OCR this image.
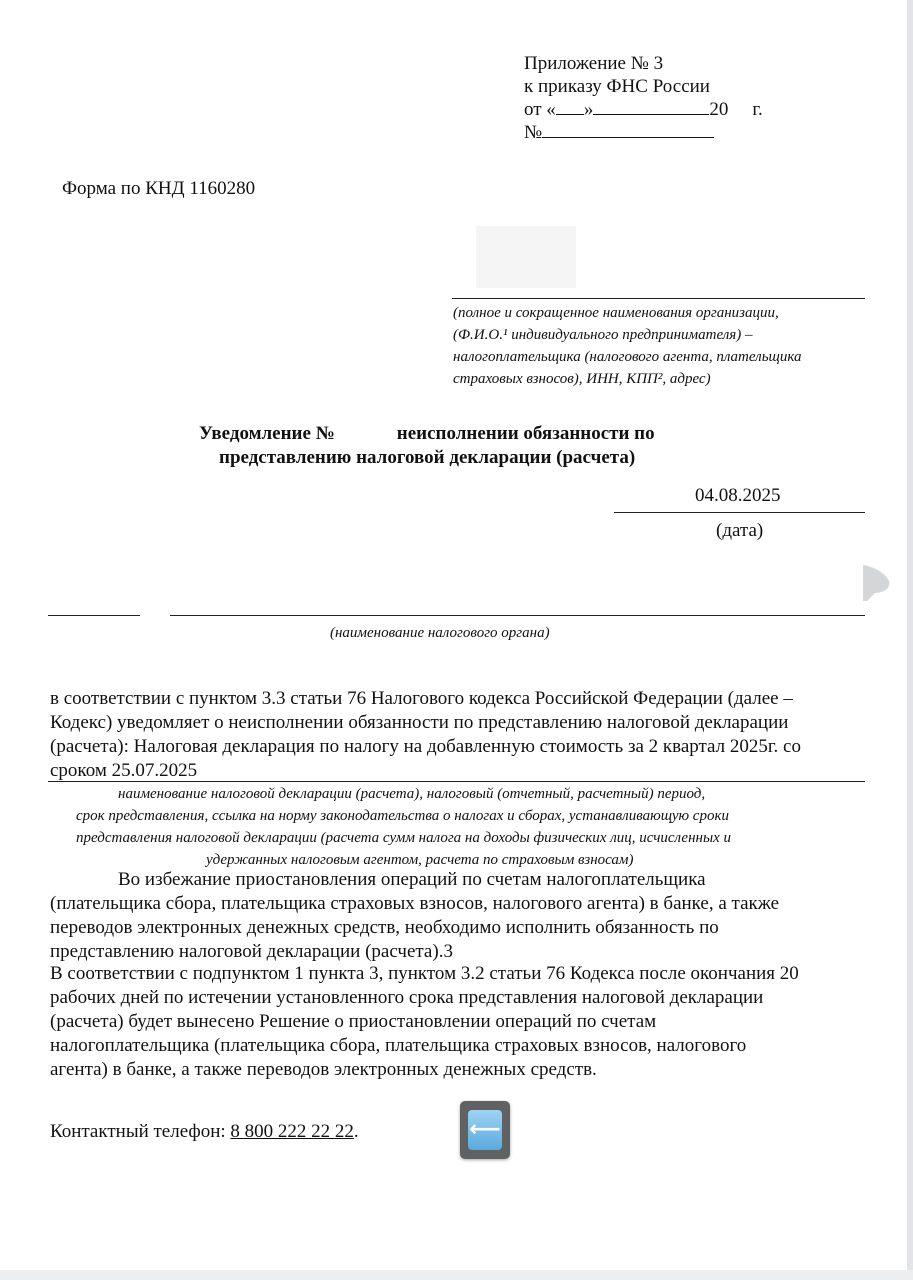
Приложение № 3
к приказу ФНС России
от « »	20 г.
№
Форма по КНД 1160280
(полное и сокращенное наименования организации,
(Ф.И.О.¹ индивидуального предпринимателя) –
налогоплательщика (налогового агента, плательщика
страховых взносов), ИНН, КПП², адрес)
Уведомление №	неисполнении обязанности по
представлению налоговой декларации (расчета)
04.08.2025
(дата)
(наименование налогового органа)
в соответствии с пунктом 3.3 статьи 76 Налогового кодекса Российской Федерации (далее –
Кодекс) уведомляет о неисполнении обязанности по представлению налоговой декларации
(расчета): Налоговая декларация по налогу на добавленную стоимость за 2 квартал 2025г. со
сроком 25.07.2025
наименование налоговой декларации (расчета), налоговый (отчетный, расчетный) период,
срок представления, ссылка на норму законодательства о налогах и сборах, устанавливающую сроки
представления налоговой декларации (расчета сумм налога на доходы физических лиц, исчисленных и
удержанных налоговым агентом, расчета по страховым взносам)
Во избежание приостановления операций по счетам налогоплательщика
(плательщика сбора, плательщика страховых взносов, налогового агента) в банке, а также
переводов электронных денежных средств, необходимо исполнить обязанность по
представлению налоговой декларации (расчета).3
В соответствии с подпунктом 1 пункта 3, пунктом 3.2 статьи 76 Кодекса после окончания 20
рабочих дней по истечении установленного срока представления налоговой декларации
(расчета) будет вынесено Решение о приостановлении операций по счетам
налогоплательщика (плательщика сбора, плательщика страховых взносов, налогового
агента) в банке, а также переводов электронных денежных средств.
Контактный телефон: 8 800 222 22 22.	⟵
